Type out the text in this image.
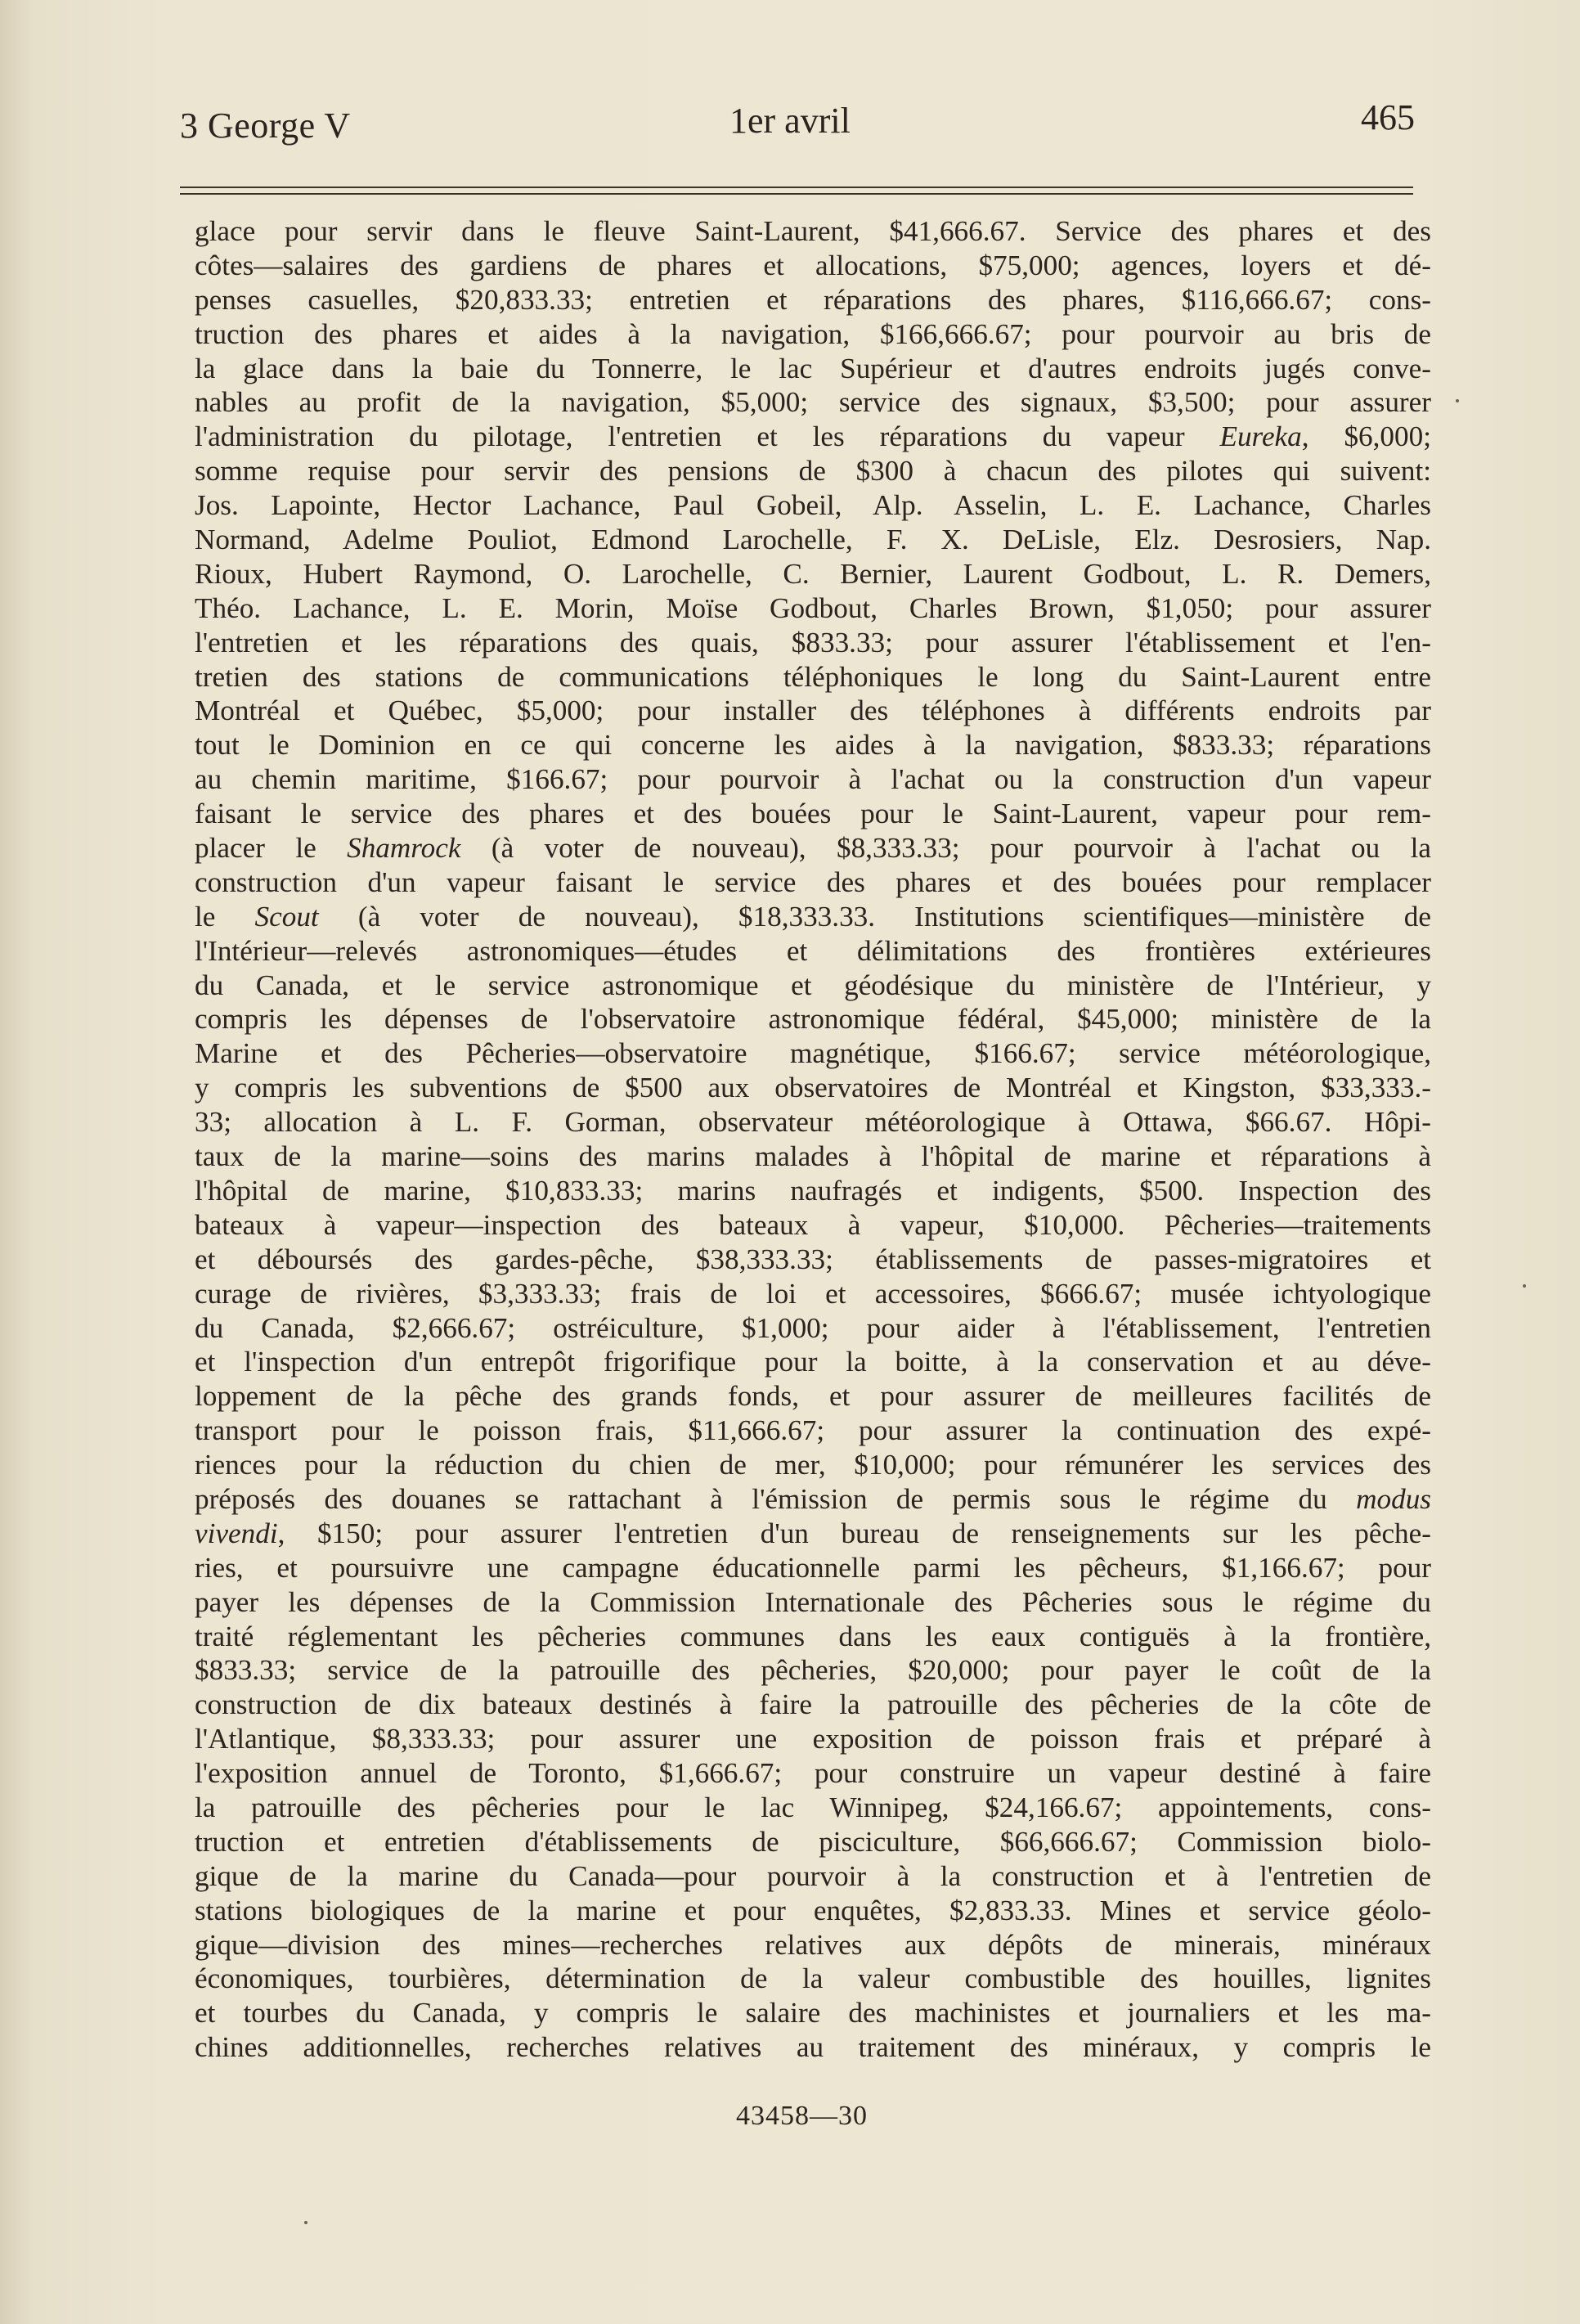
3 George V	1er avril	465
glace pour servir dans le fleuve Saint-Laurent, $41,666.67. Service des phares et des
côtes—salaires des gardiens de phares et allocations, $75,000; agences, loyers et dé-
penses casuelles, $20,833.33; entretien et réparations des phares, $116,666.67; cons-
truction des phares et aides à la navigation, $166,666.67; pour pourvoir au bris de
la glace dans la baie du Tonnerre, le lac Supérieur et d'autres endroits jugés conve-
nables au profit de la navigation, $5,000; service des signaux, $3,500; pour assurer
l'administration du pilotage, l'entretien et les réparations du vapeur Eureka, $6,000;
somme requise pour servir des pensions de $300 à chacun des pilotes qui suivent:
Jos. Lapointe, Hector Lachance, Paul Gobeil, Alp. Asselin, L. E. Lachance, Charles
Normand, Adelme Pouliot, Edmond Larochelle, F. X. DeLisle, Elz. Desrosiers, Nap.
Rioux, Hubert Raymond, O. Larochelle, C. Bernier, Laurent Godbout, L. R. Demers,
Théo. Lachance, L. E. Morin, Moïse Godbout, Charles Brown, $1,050; pour assurer
l'entretien et les réparations des quais, $833.33; pour assurer l'établissement et l'en-
tretien des stations de communications téléphoniques le long du Saint-Laurent entre
Montréal et Québec, $5,000; pour installer des téléphones à différents endroits par
tout le Dominion en ce qui concerne les aides à la navigation, $833.33; réparations
au chemin maritime, $166.67; pour pourvoir à l'achat ou la construction d'un vapeur
faisant le service des phares et des bouées pour le Saint-Laurent, vapeur pour rem-
placer le Shamrock (à voter de nouveau), $8,333.33; pour pourvoir à l'achat ou la
construction d'un vapeur faisant le service des phares et des bouées pour remplacer
le Scout (à voter de nouveau), $18,333.33. Institutions scientifiques—ministère de
l'Intérieur—relevés astronomiques—études et délimitations des frontières extérieures
du Canada, et le service astronomique et géodésique du ministère de l'Intérieur, y
compris les dépenses de l'observatoire astronomique fédéral, $45,000; ministère de la
Marine et des Pêcheries—observatoire magnétique, $166.67; service météorologique,
y compris les subventions de $500 aux observatoires de Montréal et Kingston, $33,333.-
33; allocation à L. F. Gorman, observateur météorologique à Ottawa, $66.67. Hôpi-
taux de la marine—soins des marins malades à l'hôpital de marine et réparations à
l'hôpital de marine, $10,833.33; marins naufragés et indigents, $500. Inspection des
bateaux à vapeur—inspection des bateaux à vapeur, $10,000. Pêcheries—traitements
et déboursés des gardes-pêche, $38,333.33; établissements de passes-migratoires et
curage de rivières, $3,333.33; frais de loi et accessoires, $666.67; musée ichtyologique
du Canada, $2,666.67; ostréiculture, $1,000; pour aider à l'établissement, l'entretien
et l'inspection d'un entrepôt frigorifique pour la boitte, à la conservation et au déve-
loppement de la pêche des grands fonds, et pour assurer de meilleures facilités de
transport pour le poisson frais, $11,666.67; pour assurer la continuation des expé-
riences pour la réduction du chien de mer, $10,000; pour rémunérer les services des
préposés des douanes se rattachant à l'émission de permis sous le régime du modus
vivendi, $150; pour assurer l'entretien d'un bureau de renseignements sur les pêche-
ries, et poursuivre une campagne éducationnelle parmi les pêcheurs, $1,166.67; pour
payer les dépenses de la Commission Internationale des Pêcheries sous le régime du
traité réglementant les pêcheries communes dans les eaux contiguës à la frontière,
$833.33; service de la patrouille des pêcheries, $20,000; pour payer le coût de la
construction de dix bateaux destinés à faire la patrouille des pêcheries de la côte de
l'Atlantique, $8,333.33; pour assurer une exposition de poisson frais et préparé à
l'exposition annuel de Toronto, $1,666.67; pour construire un vapeur destiné à faire
la patrouille des pêcheries pour le lac Winnipeg, $24,166.67; appointements, cons-
truction et entretien d'établissements de pisciculture, $66,666.67; Commission biolo-
gique de la marine du Canada—pour pourvoir à la construction et à l'entretien de
stations biologiques de la marine et pour enquêtes, $2,833.33. Mines et service géolo-
gique—division des mines—recherches relatives aux dépôts de minerais, minéraux
économiques, tourbières, détermination de la valeur combustible des houilles, lignites
et tourbes du Canada, y compris le salaire des machinistes et journaliers et les ma-
chines additionnelles, recherches relatives au traitement des minéraux, y compris le
43458—30
